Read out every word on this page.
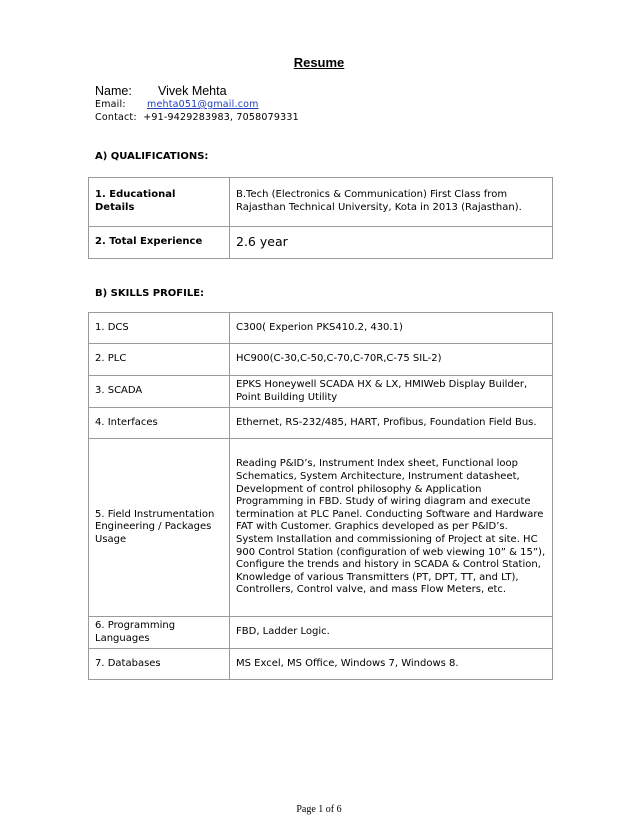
Resume
Name: Vivek Mehta
Email: mehta051@gmail.com
Contact: +91-9429283983, 7058079331
A) QUALIFICATIONS:
1. Educational
Details	B.Tech (Electronics & Communication) First Class from Rajasthan Technical University, Kota in 2013 (Rajasthan).
2. Total Experience	2.6 year
B) SKILLS PROFILE:
1. DCS	C300( Experion PKS410.2, 430.1)
2. PLC	HC900(C-30,C-50,C-70,C-70R,C-75 SIL-2)
3. SCADA	EPKS Honeywell SCADA HX & LX, HMIWeb Display Builder, Point Building Utility
4. Interfaces	Ethernet, RS-232/485, HART, Profibus, Foundation Field Bus.
5. Field Instrumentation Engineering / Packages Usage	Reading P&ID’s, Instrument Index sheet, Functional loop Schematics, System Architecture, Instrument datasheet, Development of control philosophy & Application Programming in FBD. Study of wiring diagram and execute termination at PLC Panel. Conducting Software and Hardware FAT with Customer. Graphics developed as per P&ID’s. System Installation and commissioning of Project at site. HC 900 Control Station (configuration of web viewing 10” & 15”), Configure the trends and history in SCADA & Control Station, Knowledge of various Transmitters (PT, DPT, TT, and LT), Controllers, Control valve, and mass Flow Meters, etc.
6. Programming
Languages	FBD, Ladder Logic.
7. Databases	MS Excel, MS Office, Windows 7, Windows 8.
Page 1 of 6
